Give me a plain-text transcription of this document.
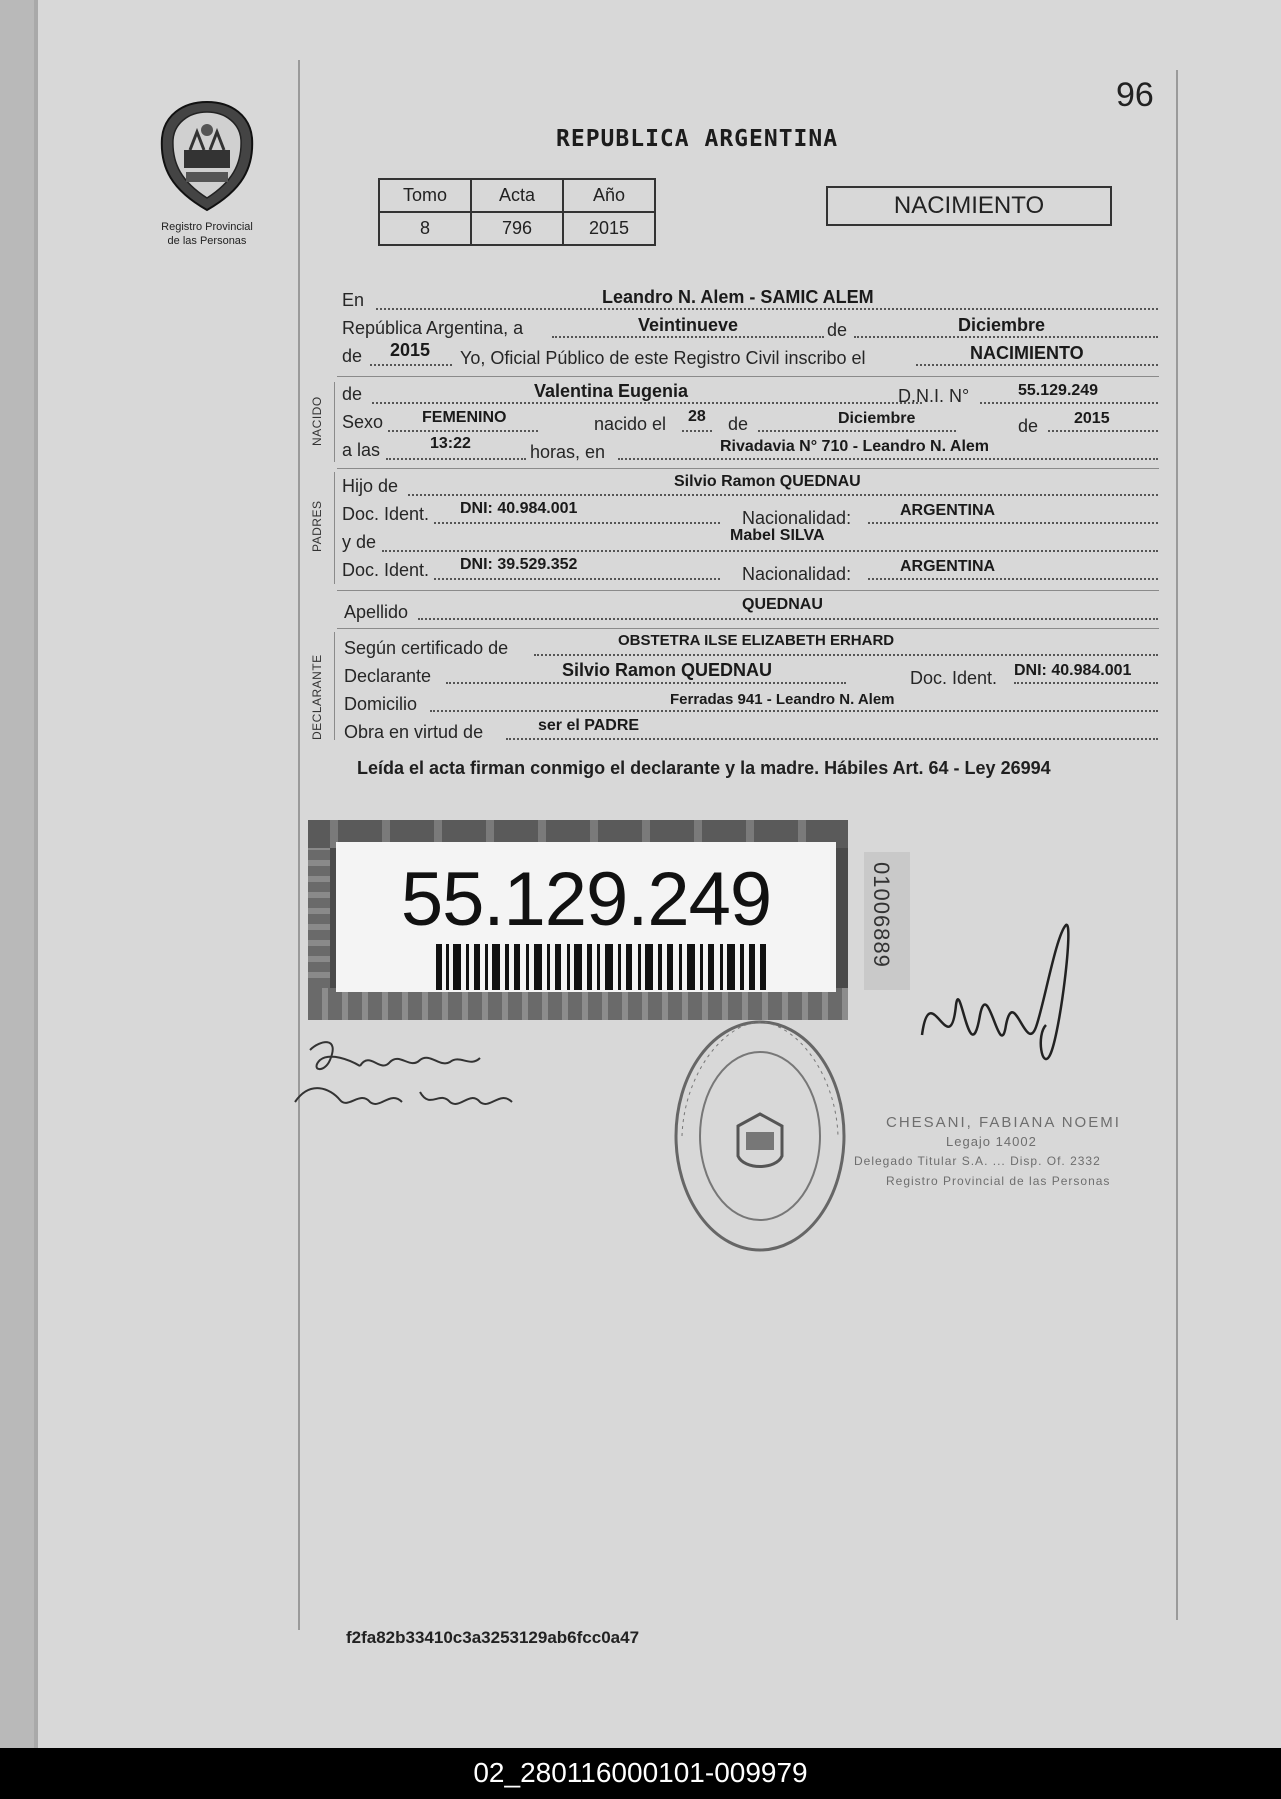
Registro Provincial
de las Personas
96
REPUBLICA ARGENTINA
Tomo	Acta	Año
8	796	2015
NACIMIENTO
En	Leandro N. Alem - SAMIC ALEM
República Argentina, a	Veintinueve	de	Diciembre
de 2015 Yo, Oficial Público de este Registro Civil inscribo el	NACIMIENTO
NACIDO
de	Valentina Eugenia	D.N.I. N°	55.129.249
Sexo FEMENINO	nacido el 28 de	Diciembre	de 2015
a las	13:22	horas, en	Rivadavia N° 710 - Leandro N. Alem
PADRES
Hijo de	Silvio Ramon QUEDNAU
Doc. Ident. DNI: 40.984.001	Nacionalidad:	ARGENTINA
y de	Mabel SILVA
Doc. Ident. DNI: 39.529.352	Nacionalidad:	ARGENTINA
Apellido	QUEDNAU
DECLARANTE
Según certificado de	OBSTETRA ILSE ELIZABETH ERHARD
Declarante	Silvio Ramon QUEDNAU	Doc. Ident. DNI: 40.984.001
Domicilio	Ferradas 941 - Leandro N. Alem
Obra en virtud de	ser el PADRE
Leída el acta firman conmigo el declarante y la madre. Hábiles Art. 64 - Ley 26994
55.129.249	01006889
CHESANI, FABIANA NOEMI
Legajo 14002
Delegado Titular S.A. ... Disp. Of. 2332
Registro Provincial de las Personas
f2fa82b33410c3a3253129ab6fcc0a47
02_280116000101-009979
